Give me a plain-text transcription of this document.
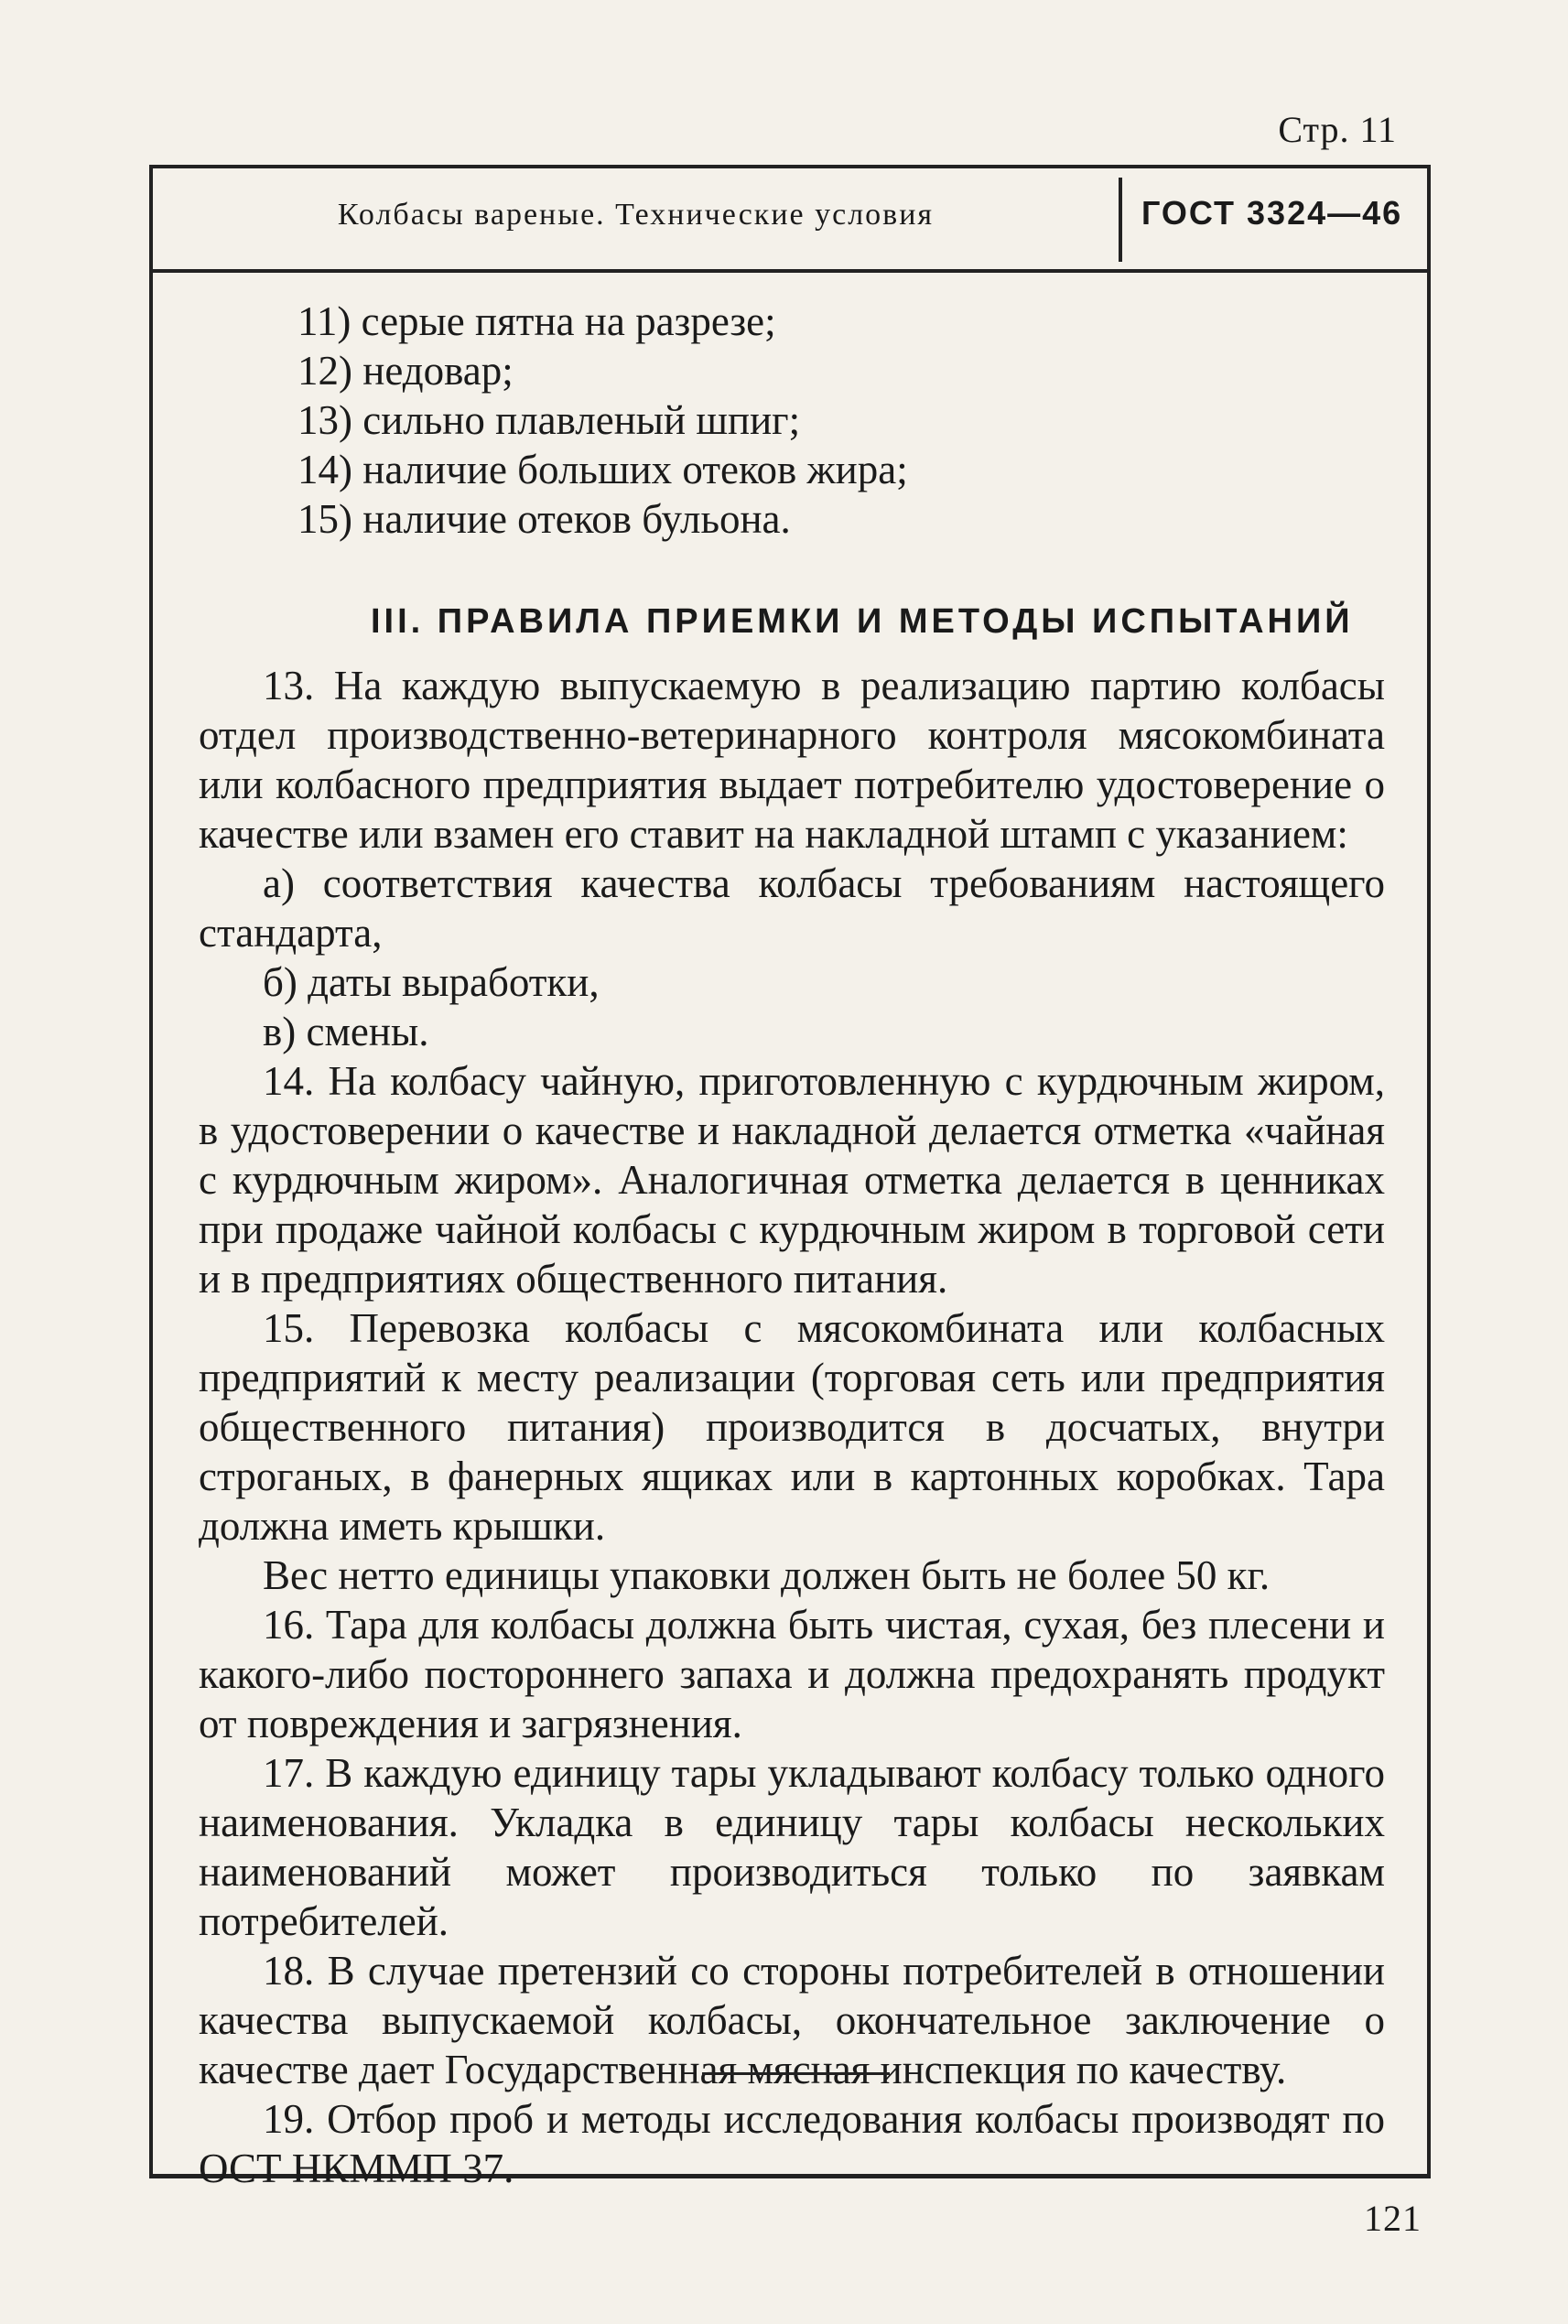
Стр. 11
Колбасы вареные. Технические условия	ГОСТ 3324—46
11) серые пятна на разрезе;
12) недовар;
13) сильно плавленый шпиг;
14) наличие больших отеков жира;
15) наличие отеков бульона.
III. ПРАВИЛА ПРИЕМКИ И МЕТОДЫ ИСПЫТАНИЙ

13. На каждую выпускаемую в реализацию партию колбасы отдел производственно-ветеринарного контроля мясокомбината или колбасного предприятия выдает потребителю удостоверение о качестве или взамен его ставит на накладной штамп с указанием:

а) соответствия качества колбасы требованиям настоящего стандарта,

б) даты выработки,

в) смены.

14. На колбасу чайную, приготовленную с курдючным жиром, в удостоверении о качестве и накладной делается отметка «чайная с курдючным жиром». Аналогичная отметка делается в ценниках при продаже чайной колбасы с курдючным жиром в торговой сети и в предприятиях общественного питания.

15. Перевозка колбасы с мясокомбината или колбасных предприятий к месту реализации (торговая сеть или предприятия общественного питания) производится в досчатых, внутри строганых, в фанерных ящиках или в картонных коробках. Тара должна иметь крышки.

Вес нетто единицы упаковки должен быть не более 50 кг.

16. Тара для колбасы должна быть чистая, сухая, без плесени и какого-либо постороннего запаха и должна предохранять продукт от повреждения и загрязнения.

17. В каждую единицу тары укладывают колбасу только одного наименования. Укладка в единицу тары колбасы нескольких наименований может производиться только по заявкам потребителей.

18. В случае претензий со стороны потребителей в отношении качества выпускаемой колбасы, окончательное заключение о качестве дает Государственная мясная инспекция по качеству.

19. Отбор проб и методы исследования колбасы производят по ОСТ НКММП 37.

121
